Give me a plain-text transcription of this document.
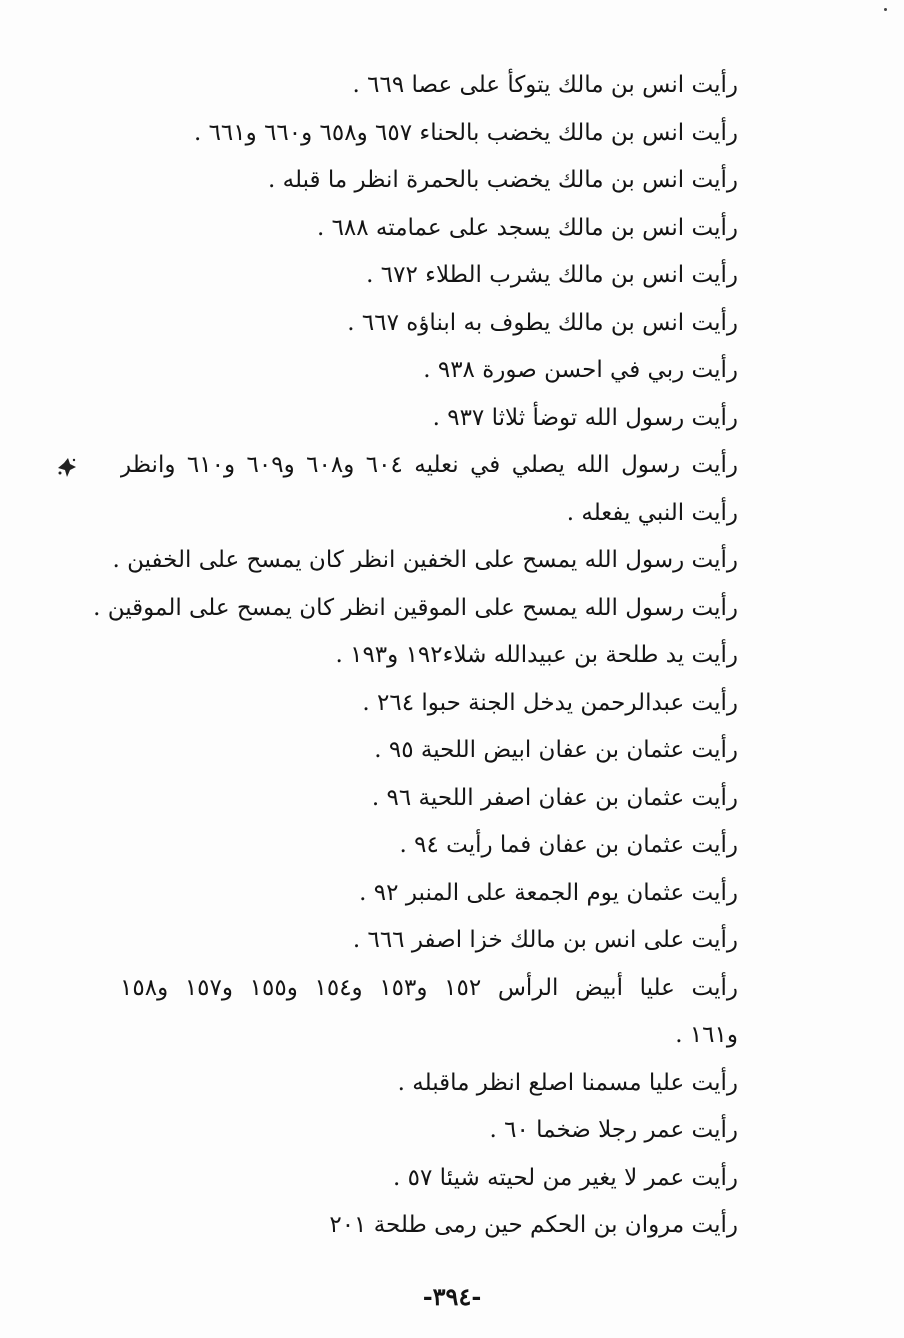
رأيت انس بن مالك يتوكأ على عصا ٦٦٩ .
رأيت انس بن مالك يخضب بالحناء ٦٥٧ و٦٥٨ و٦٦٠ و٦٦١ .
رأيت انس بن مالك يخضب بالحمرة انظر ما قبله .
رأيت انس بن مالك يسجد على عمامته ٦٨٨ .
رأيت انس بن مالك يشرب الطلاء ٦٧٢ .
رأيت انس بن مالك يطوف به ابناؤه ٦٦٧ .
رأيت ربي في احسن صورة ٩٣٨ .
رأيت رسول الله توضأ ثلاثا ٩٣٧ .
رأيت رسول الله يصلي في نعليه ٦٠٤ و٦٠٨ و٦٠٩ و٦١٠ وانظر
رأيت النبي يفعله .
رأيت رسول الله يمسح على الخفين انظر كان يمسح على الخفين .
رأيت رسول الله يمسح على الموقين انظر كان يمسح على الموقين .
رأيت يد طلحة بن عبيدالله شلاء١٩٢ و١٩٣ .
رأيت عبدالرحمن يدخل الجنة حبوا ٢٦٤ .
رأيت عثمان بن عفان ابيض اللحية ٩٥ .
رأيت عثمان بن عفان اصفر اللحية ٩٦ .
رأيت عثمان بن عفان فما رأيت ٩٤ .
رأيت عثمان يوم الجمعة على المنبر ٩٢ .
رأيت على انس بن مالك خزا اصفر ٦٦٦ .
رأيت عليا أبيض الرأس ١٥٢ و١٥٣ و١٥٤ و١٥٥ و١٥٧ و١٥٨
و١٦١ .
رأيت عليا مسمنا اصلع انظر ماقبله .
رأيت عمر رجلا ضخما ٦٠ .
رأيت عمر لا يغير من لحيته شيئا ٥٧ .
رأيت مروان بن الحكم حين رمى طلحة ٢٠١
-٣٩٤-
